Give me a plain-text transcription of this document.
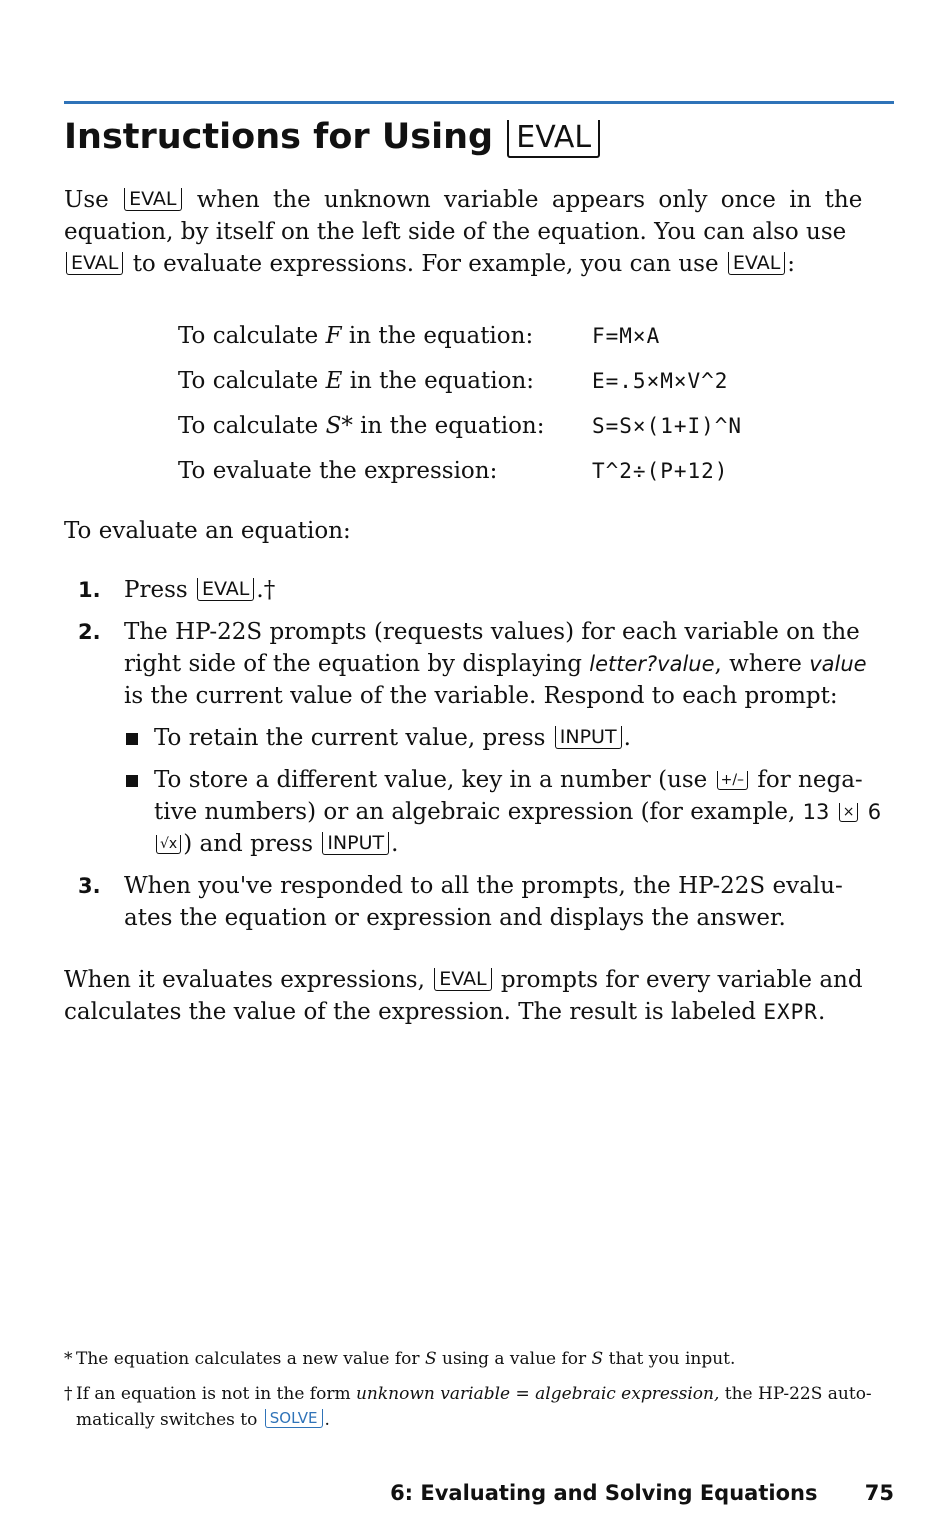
Instructions for Using EVAL
Use EVAL when the unknown variable appears only once in the
equation, by itself on the left side of the equation. You can also use
EVAL to evaluate expressions. For example, you can use EVAL :
To calculate F in the equation:	F=M×A
To calculate E in the equation:	E=.5×M×V^2
To calculate S* in the equation: S=S×(1+I)^N
To evaluate the expression:	T^2÷(P+12)
To evaluate an equation:
1. Press EVAL .†
2. The HP-22S prompts (requests values) for each variable on the
right side of the equation by displaying letter?value, where value
is the current value of the variable. Respond to each prompt:
To retain the current value, press INPUT .
To store a different value, key in a number (use +/– for nega-
tive numbers) or an algebraic expression (for example, 13 × 6
√x ) and press INPUT .
3. When you've responded to all the prompts, the HP-22S evalu-
ates the equation or expression and displays the answer.
When it evaluates expressions, EVAL prompts for every variable and
calculates the value of the expression. The result is labeled EXPR.
* The equation calculates a new value for S using a value for S that you input.
† If an equation is not in the form unknown variable = algebraic expression, the HP-22S auto-
matically switches to SOLVE .
6: Evaluating and Solving Equations 75
